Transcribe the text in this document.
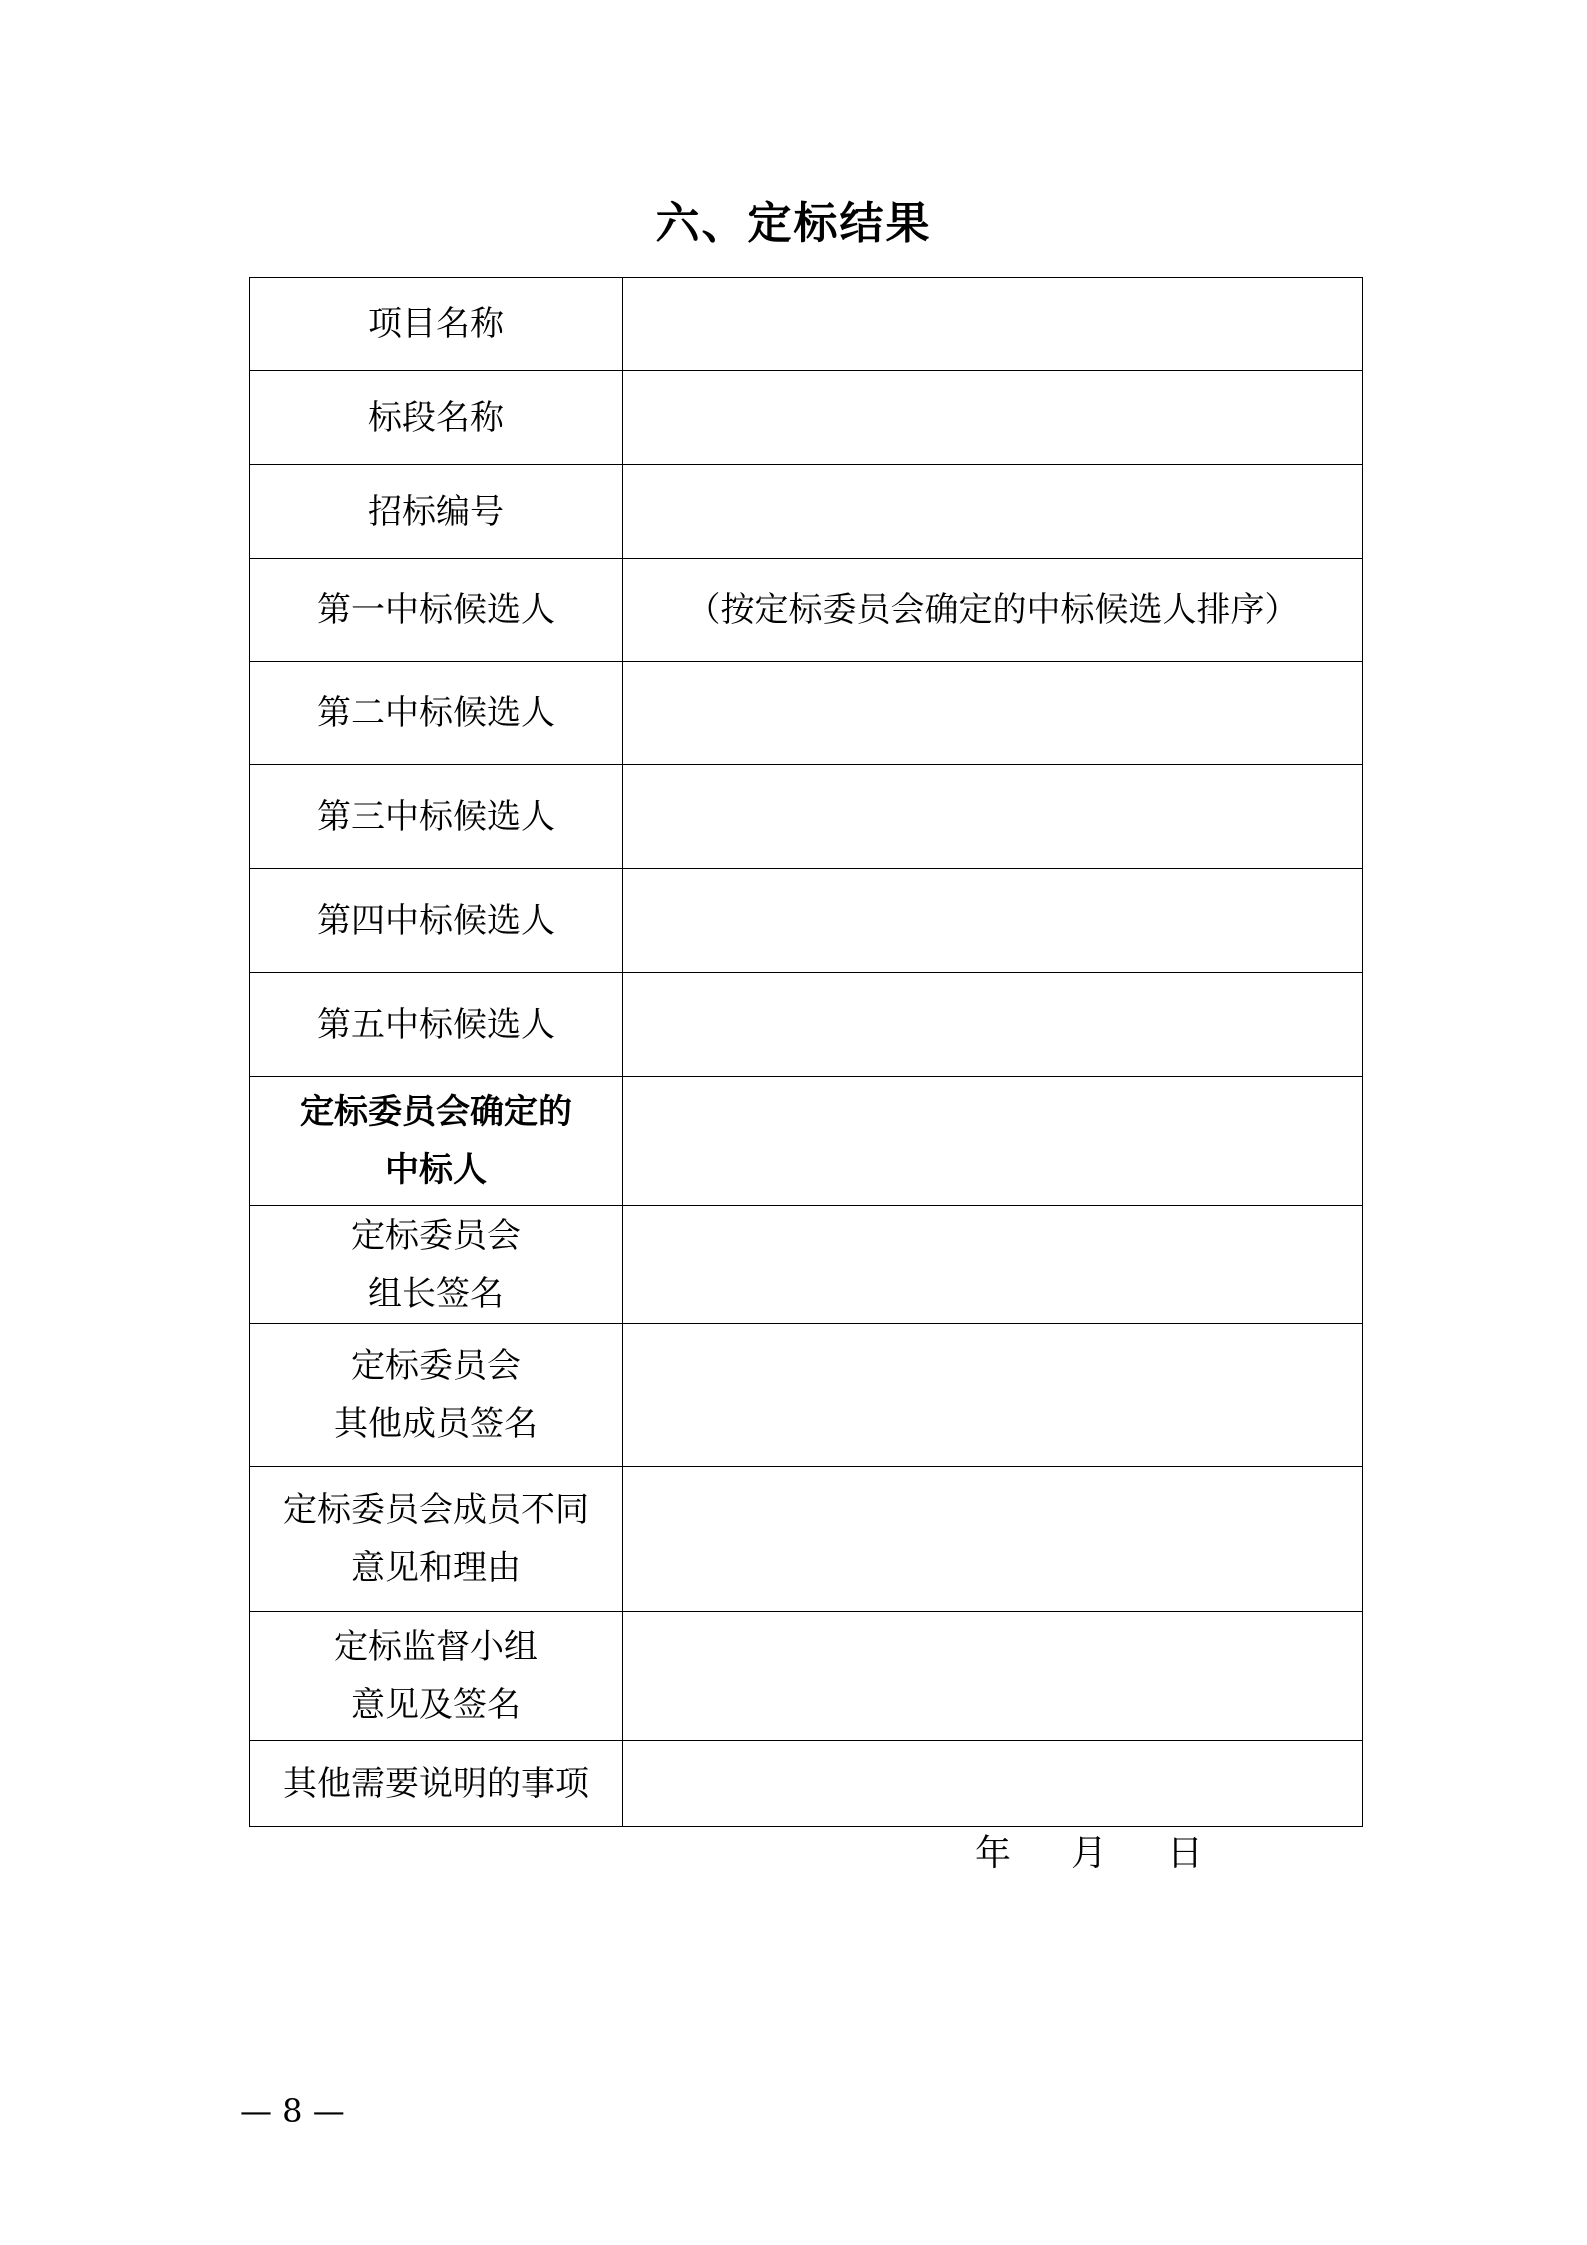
六、定标结果
项目名称	

标段名称	

招标编号	

第一中标候选人	（按定标委员会确定的中标候选人排序）

第二中标候选人	

第三中标候选人	

第四中标候选人	

第五中标候选人	

定标委员会确定的
中标人	

定标委员会
组长签名	

定标委员会
其他成员签名	

定标委员会成员不同
意见和理由	

定标监督小组
意见及签名	

其他需要说明的事项	

年 月 日
— 8 —
